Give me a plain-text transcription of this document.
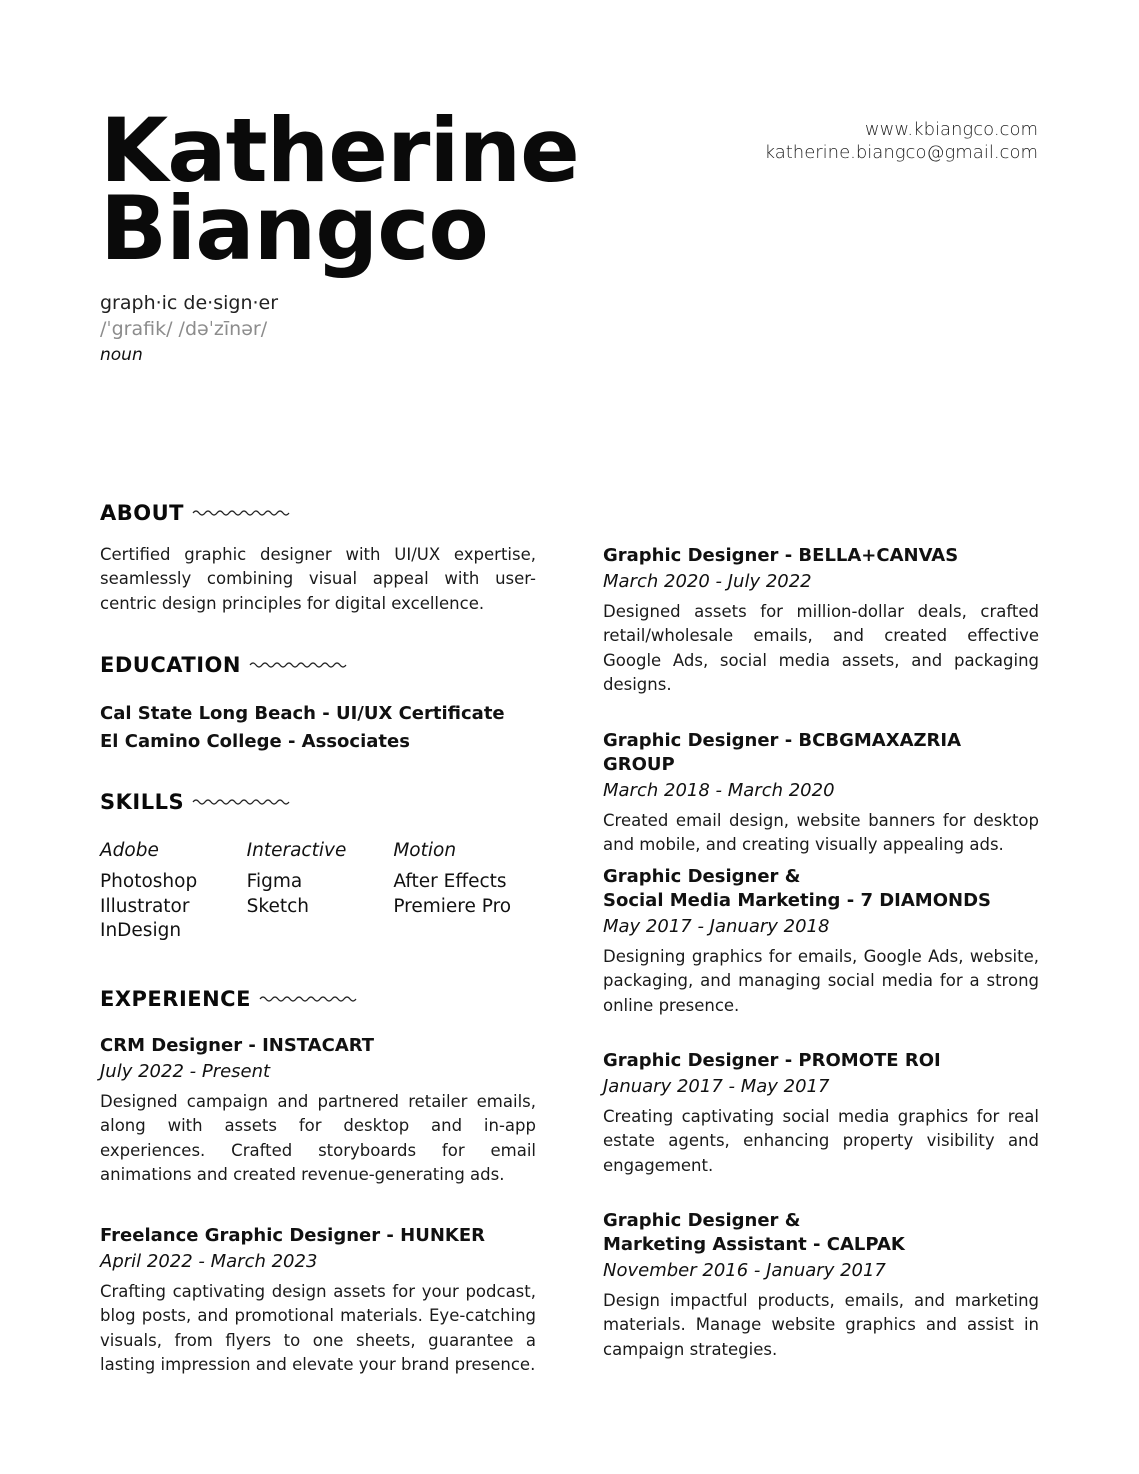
Katherine
Biangco
www.kbiangco.com
katherine.biangco@gmail.com
graph·ic de·sign·er
/ˈgrafik/ /dəˈzīnər/
noun
ABOUT
Certified graphic designer with UI/UX expertise, seamlessly combining visual appeal with user-centric design principles for digital excellence.
EDUCATION
Cal State Long Beach - UI/UX Certificate
El Camino College - Associates
SKILLS
Adobe
Photoshop
Illustrator
InDesign
Interactive
Figma
Sketch
Motion
After Effects
Premiere Pro
EXPERIENCE
CRM Designer - INSTACART
July 2022 - Present
Designed campaign and partnered retailer emails, along with assets for desktop and in-app experiences. Crafted storyboards for email animations and created revenue-generating ads.
Freelance Graphic Designer - HUNKER
April 2022 - March 2023
Crafting captivating design assets for your podcast, blog posts, and promotional materials. Eye-catching visuals, from flyers to one sheets, guarantee a lasting impression and elevate your brand presence.
Graphic Designer - BELLA+CANVAS
March 2020 - July 2022
Designed assets for million-dollar deals, crafted retail/wholesale emails, and created effective Google Ads, social media assets, and packaging designs.
Graphic Designer - BCBGMAXAZRIA GROUP
March 2018 - March 2020
Created email design, website banners for desktop and mobile, and creating visually appealing ads.
Graphic Designer &
Social Media Marketing - 7 DIAMONDS
May 2017 - January 2018
Designing graphics for emails, Google Ads, website, packaging, and managing social media for a strong online presence.
Graphic Designer - PROMOTE ROI
January 2017 - May 2017
Creating captivating social media graphics for real estate agents, enhancing property visibility and engagement.
Graphic Designer &
Marketing Assistant - CALPAK
November 2016 - January 2017
Design impactful products, emails, and marketing materials. Manage website graphics and assist in campaign strategies.
